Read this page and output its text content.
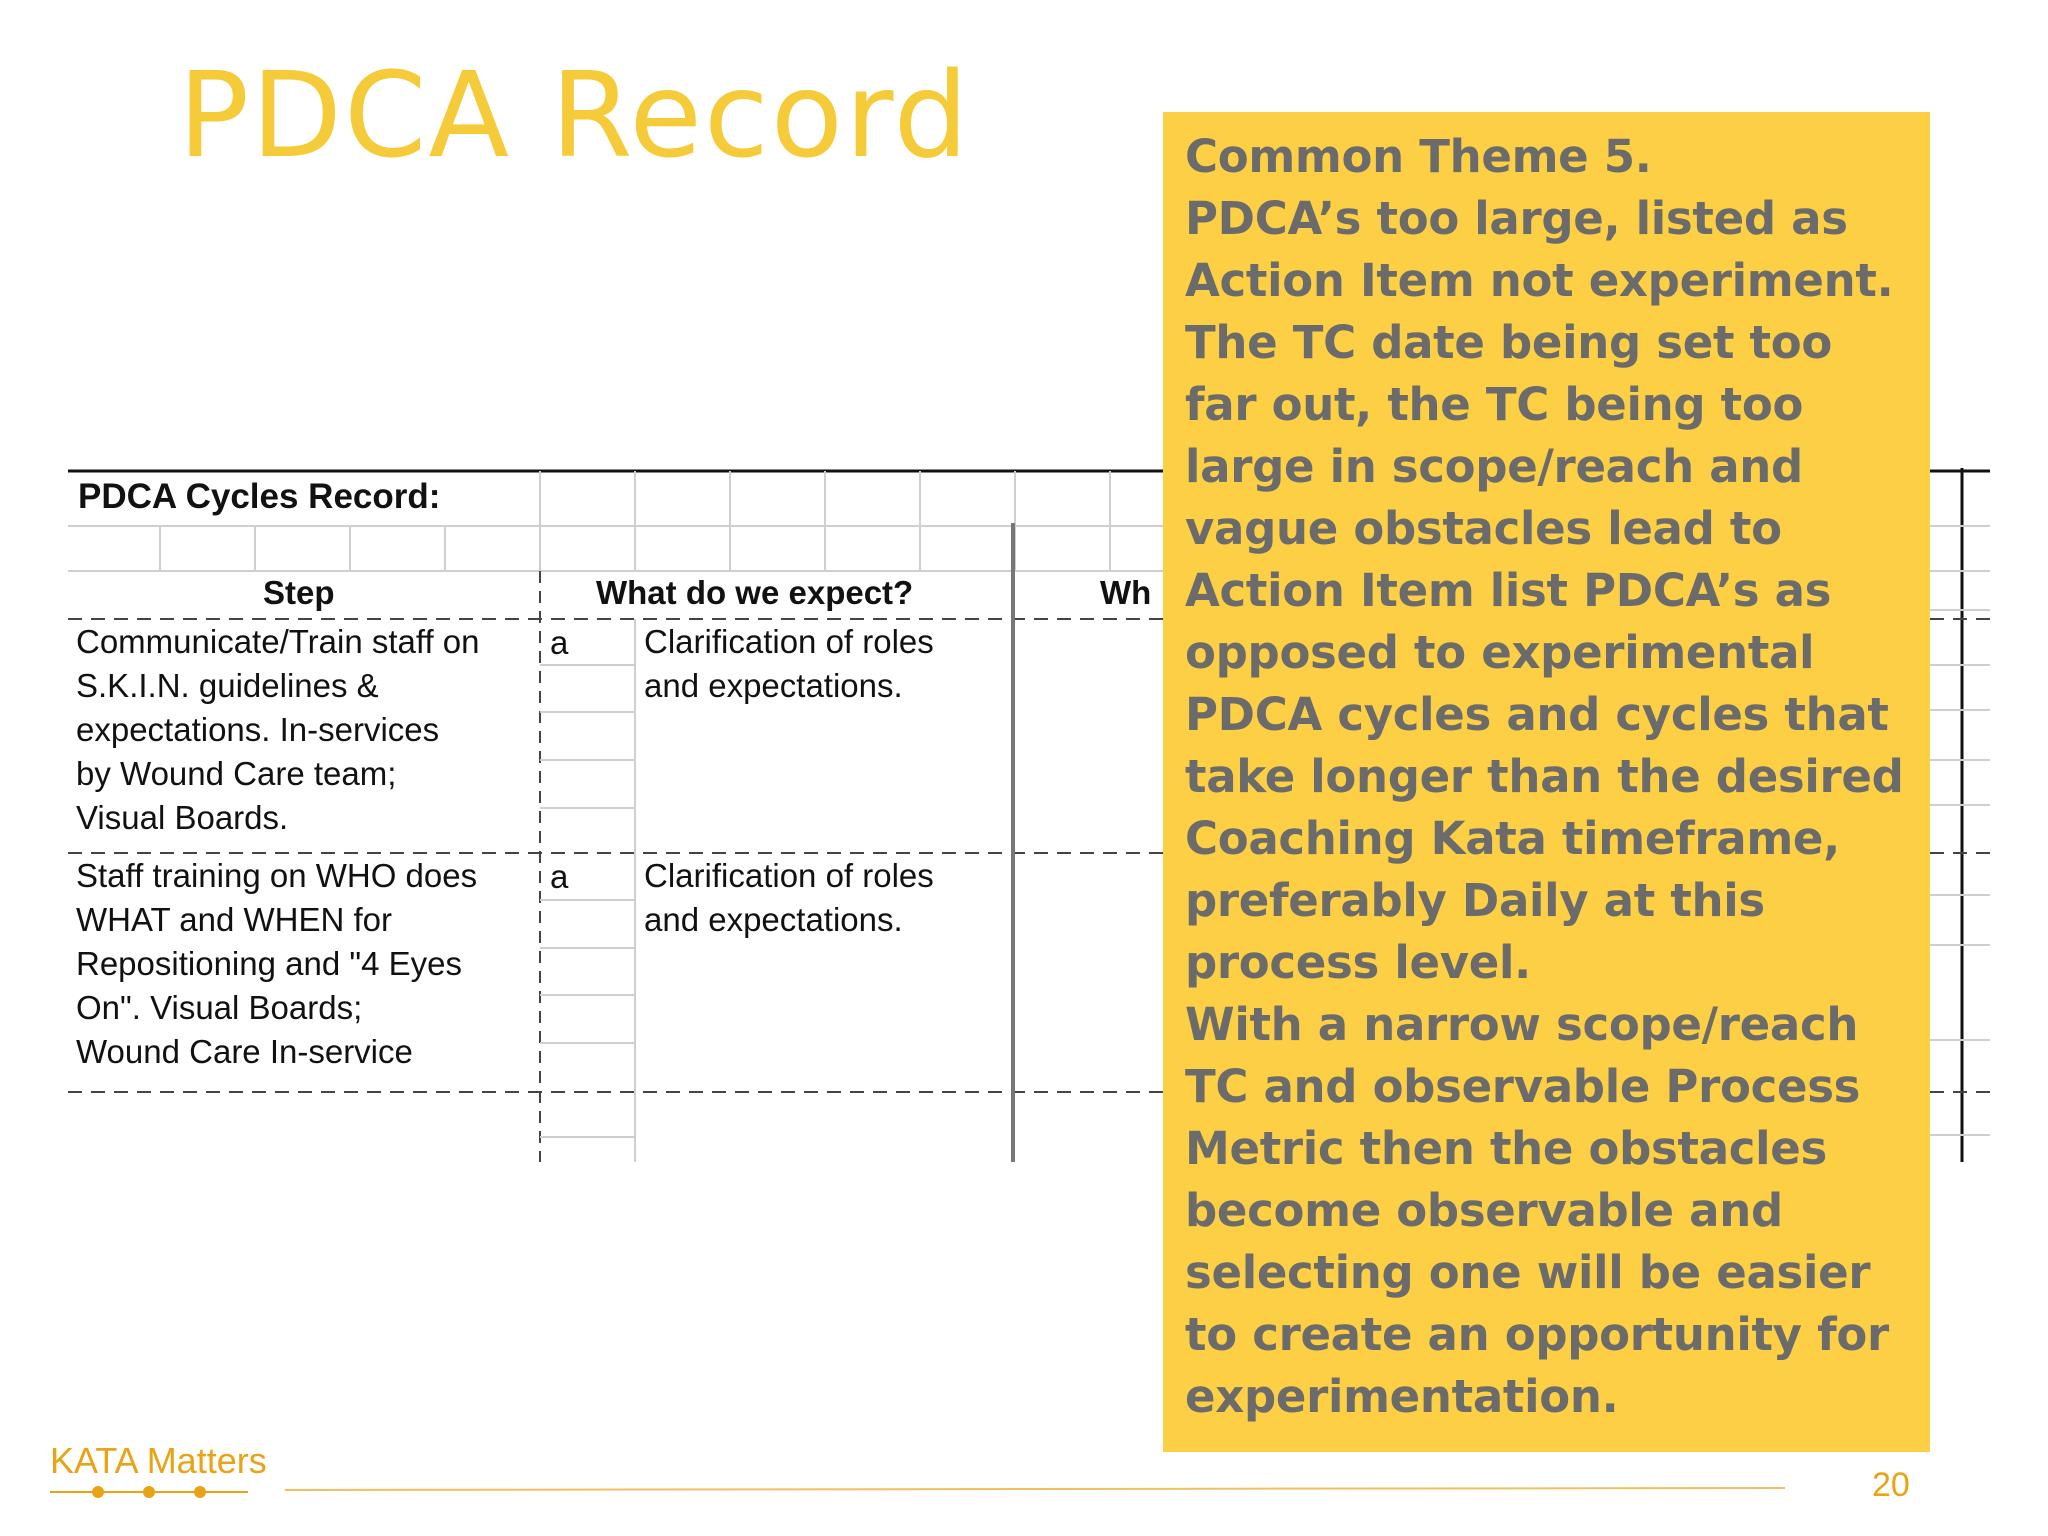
PDCA Record
PDCA Cycles Record:
Step	What do we expect?	Wh
Communicate/Train staff on
S.K.I.N. guidelines &
expectations. In-services
by Wound Care team;
Visual Boards.
a Clarification of roles
and expectations.
Staff training on WHO does
WHAT and WHEN for
Repositioning and "4 Eyes
On". Visual Boards;
Wound Care In-service
a Clarification of roles
and expectations.

Common Theme 5.

PDCA’s too large, listed as Action Item not experiment.

The TC date being set too far out, the TC being too large in scope/reach and vague obstacles lead to Action Item list PDCA’s as opposed to experimental PDCA cycles and cycles that take longer than the desired Coaching Kata timeframe, preferably Daily at this process level.

With a narrow scope/reach TC and observable Process Metric then the obstacles become observable and selecting one will be easier to create an opportunity for experimentation.

KATA Matters
20
